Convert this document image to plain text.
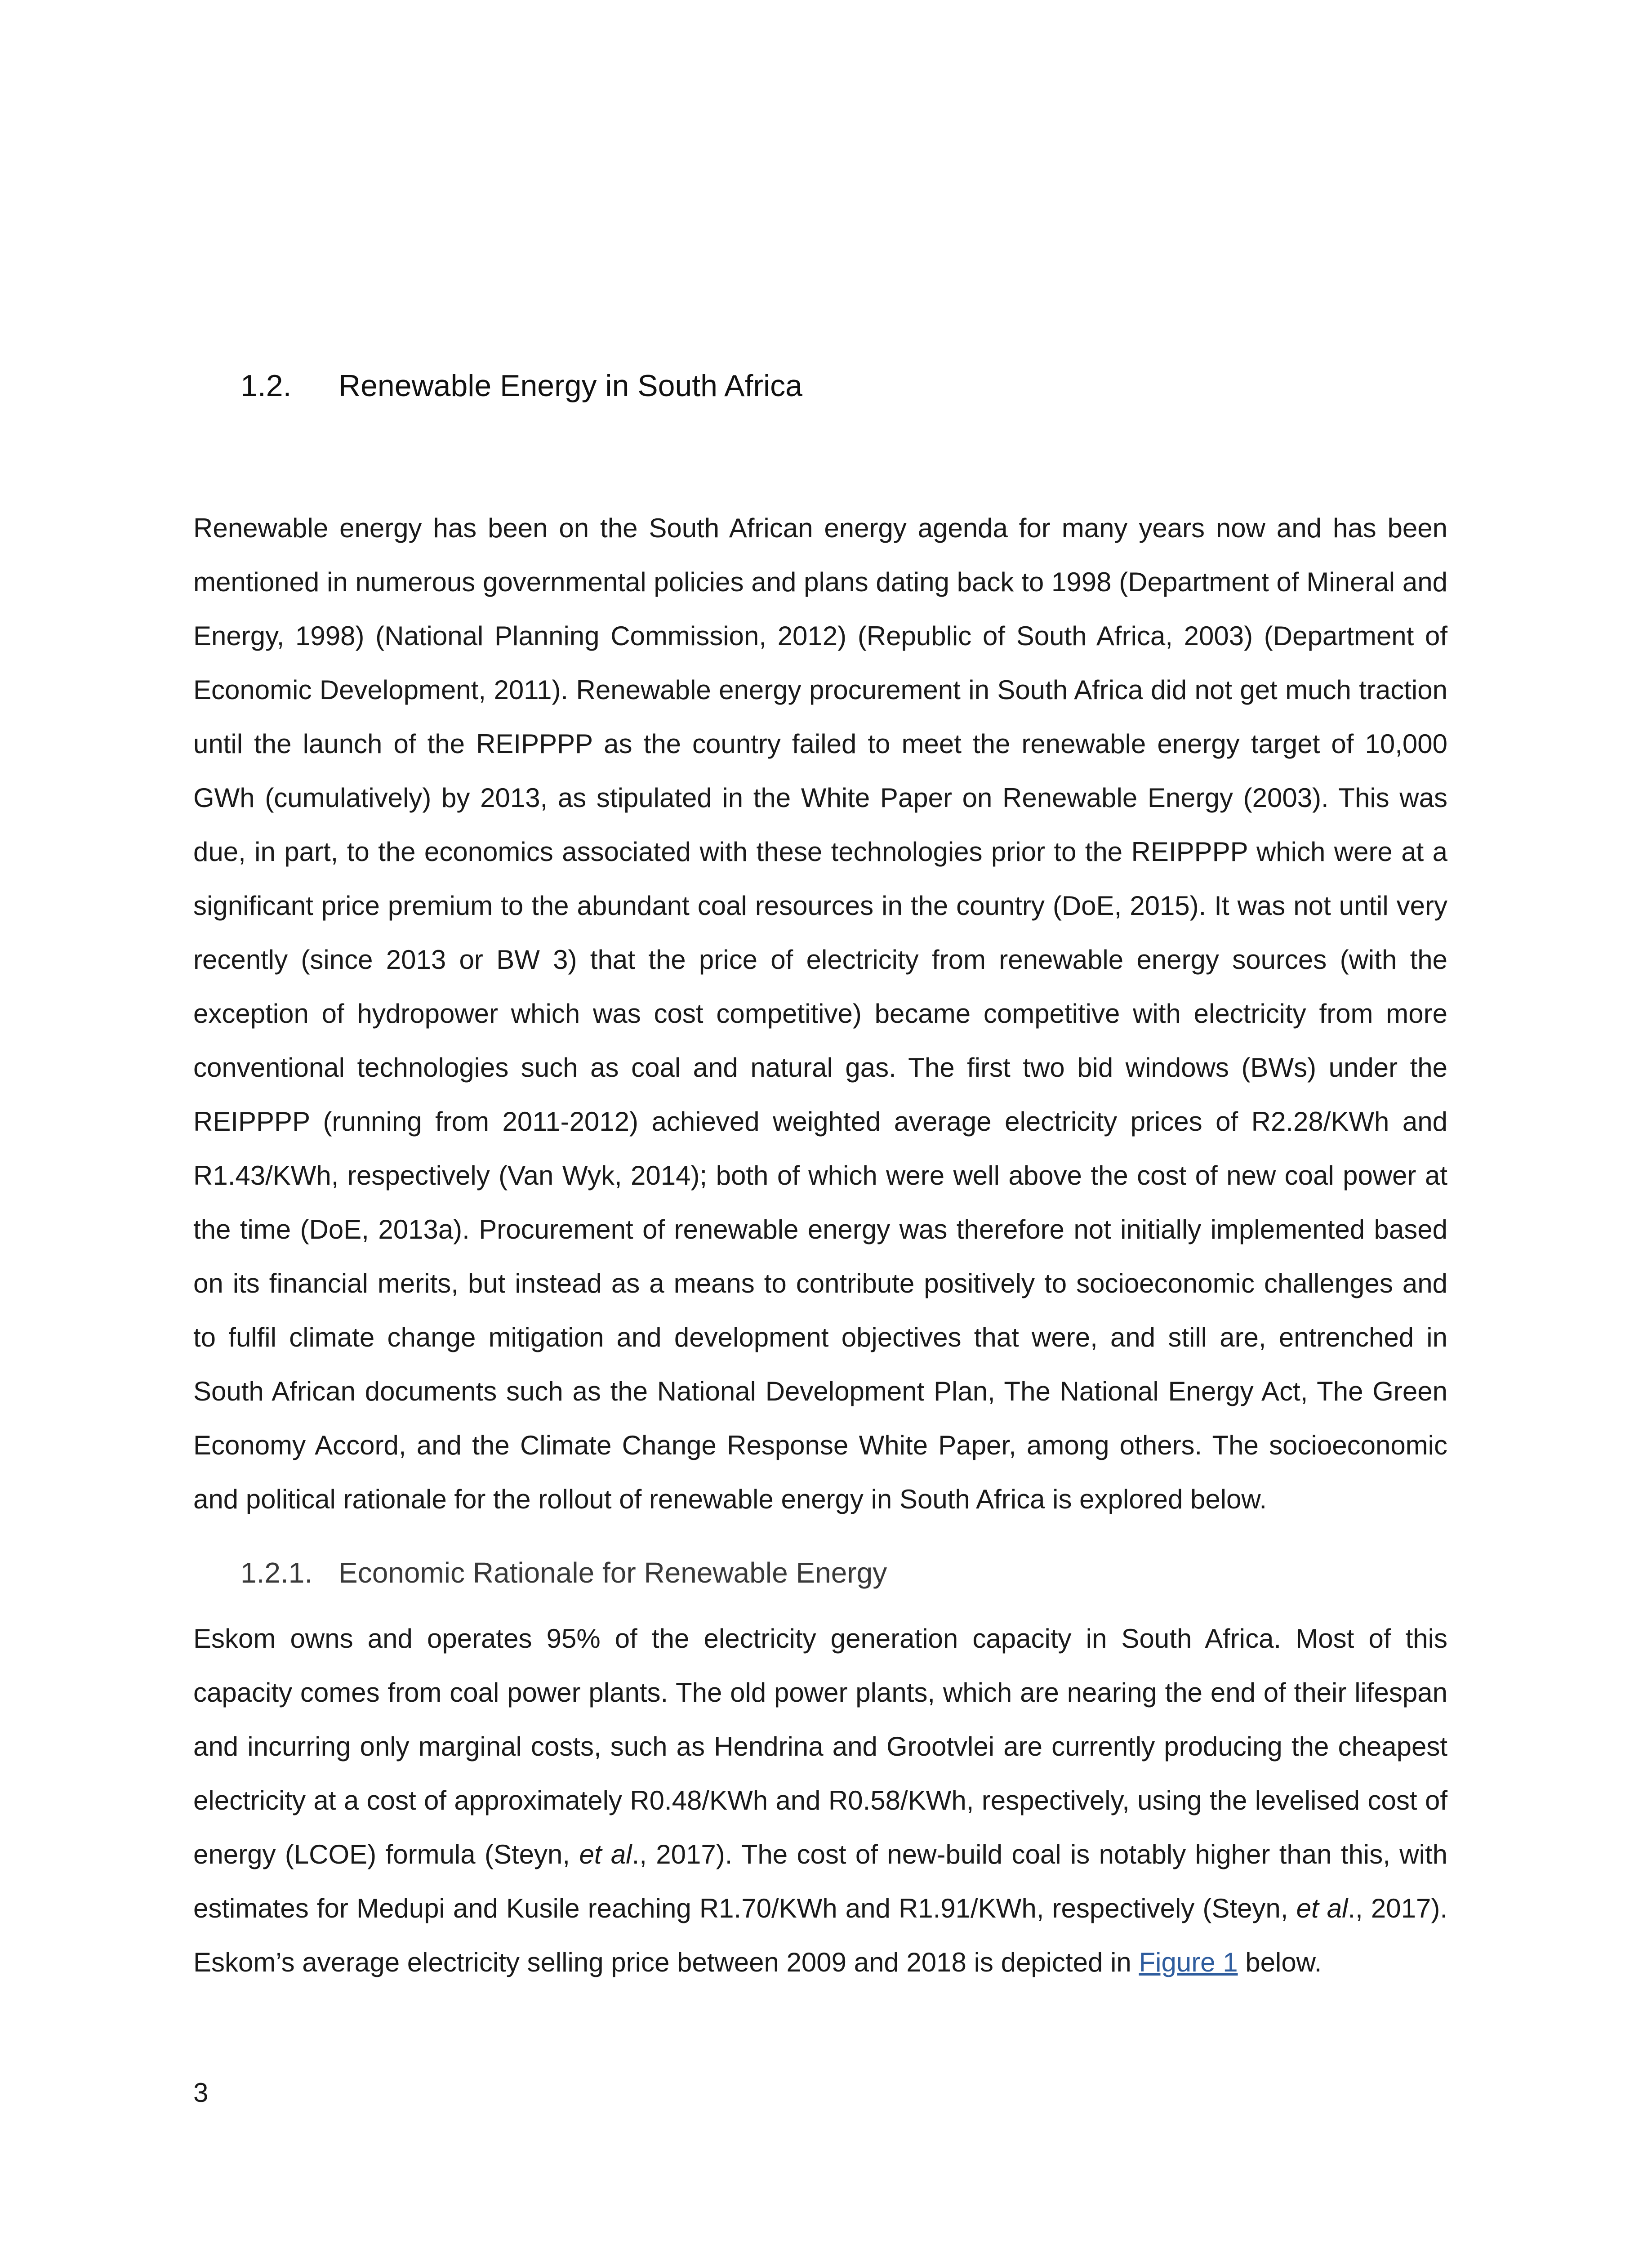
1.2. Renewable Energy in South Africa

Renewable energy has been on the South African energy agenda for many years now and has been mentioned in numerous governmental policies and plans dating back to 1998 (Department of Mineral and Energy, 1998) (National Planning Commission, 2012) (Republic of South Africa, 2003) (Department of Economic Development, 2011). Renewable energy procurement in South Africa did not get much traction until the launch of the REIPPPP as the country failed to meet the renewable energy target of 10,000 GWh (cumulatively) by 2013, as stipulated in the White Paper on Renewable Energy (2003). This was due, in part, to the economics associated with these technologies prior to the REIPPPP which were at a significant price premium to the abundant coal resources in the country (DoE, 2015). It was not until very recently (since 2013 or BW 3) that the price of electricity from renewable energy sources (with the exception of hydropower which was cost competitive) became competitive with electricity from more conventional technologies such as coal and natural gas. The first two bid windows (BWs) under the REIPPPP (running from 2011-2012) achieved weighted average electricity prices of R2.28/KWh and R1.43/KWh, respectively (Van Wyk, 2014); both of which were well above the cost of new coal power at the time (DoE, 2013a). Procurement of renewable energy was therefore not initially implemented based on its financial merits, but instead as a means to contribute positively to socioeconomic challenges and to fulfil climate change mitigation and development objectives that were, and still are, entrenched in South African documents such as the National Development Plan, The National Energy Act, The Green Economy Accord, and the Climate Change Response White Paper, among others. The socioeconomic and political rationale for the rollout of renewable energy in South Africa is explored below.

1.2.1. Economic Rationale for Renewable Energy

Eskom owns and operates 95% of the electricity generation capacity in South Africa. Most of this capacity comes from coal power plants. The old power plants, which are nearing the end of their lifespan and incurring only marginal costs, such as Hendrina and Grootvlei are currently producing the cheapest electricity at a cost of approximately R0.48/KWh and R0.58/KWh, respectively, using the levelised cost of energy (LCOE) formula (Steyn, et al., 2017). The cost of new-build coal is notably higher than this, with estimates for Medupi and Kusile reaching R1.70/KWh and R1.91/KWh, respectively (Steyn, et al., 2017). Eskom’s average electricity selling price between 2009 and 2018 is depicted in Figure 1 below.

3
